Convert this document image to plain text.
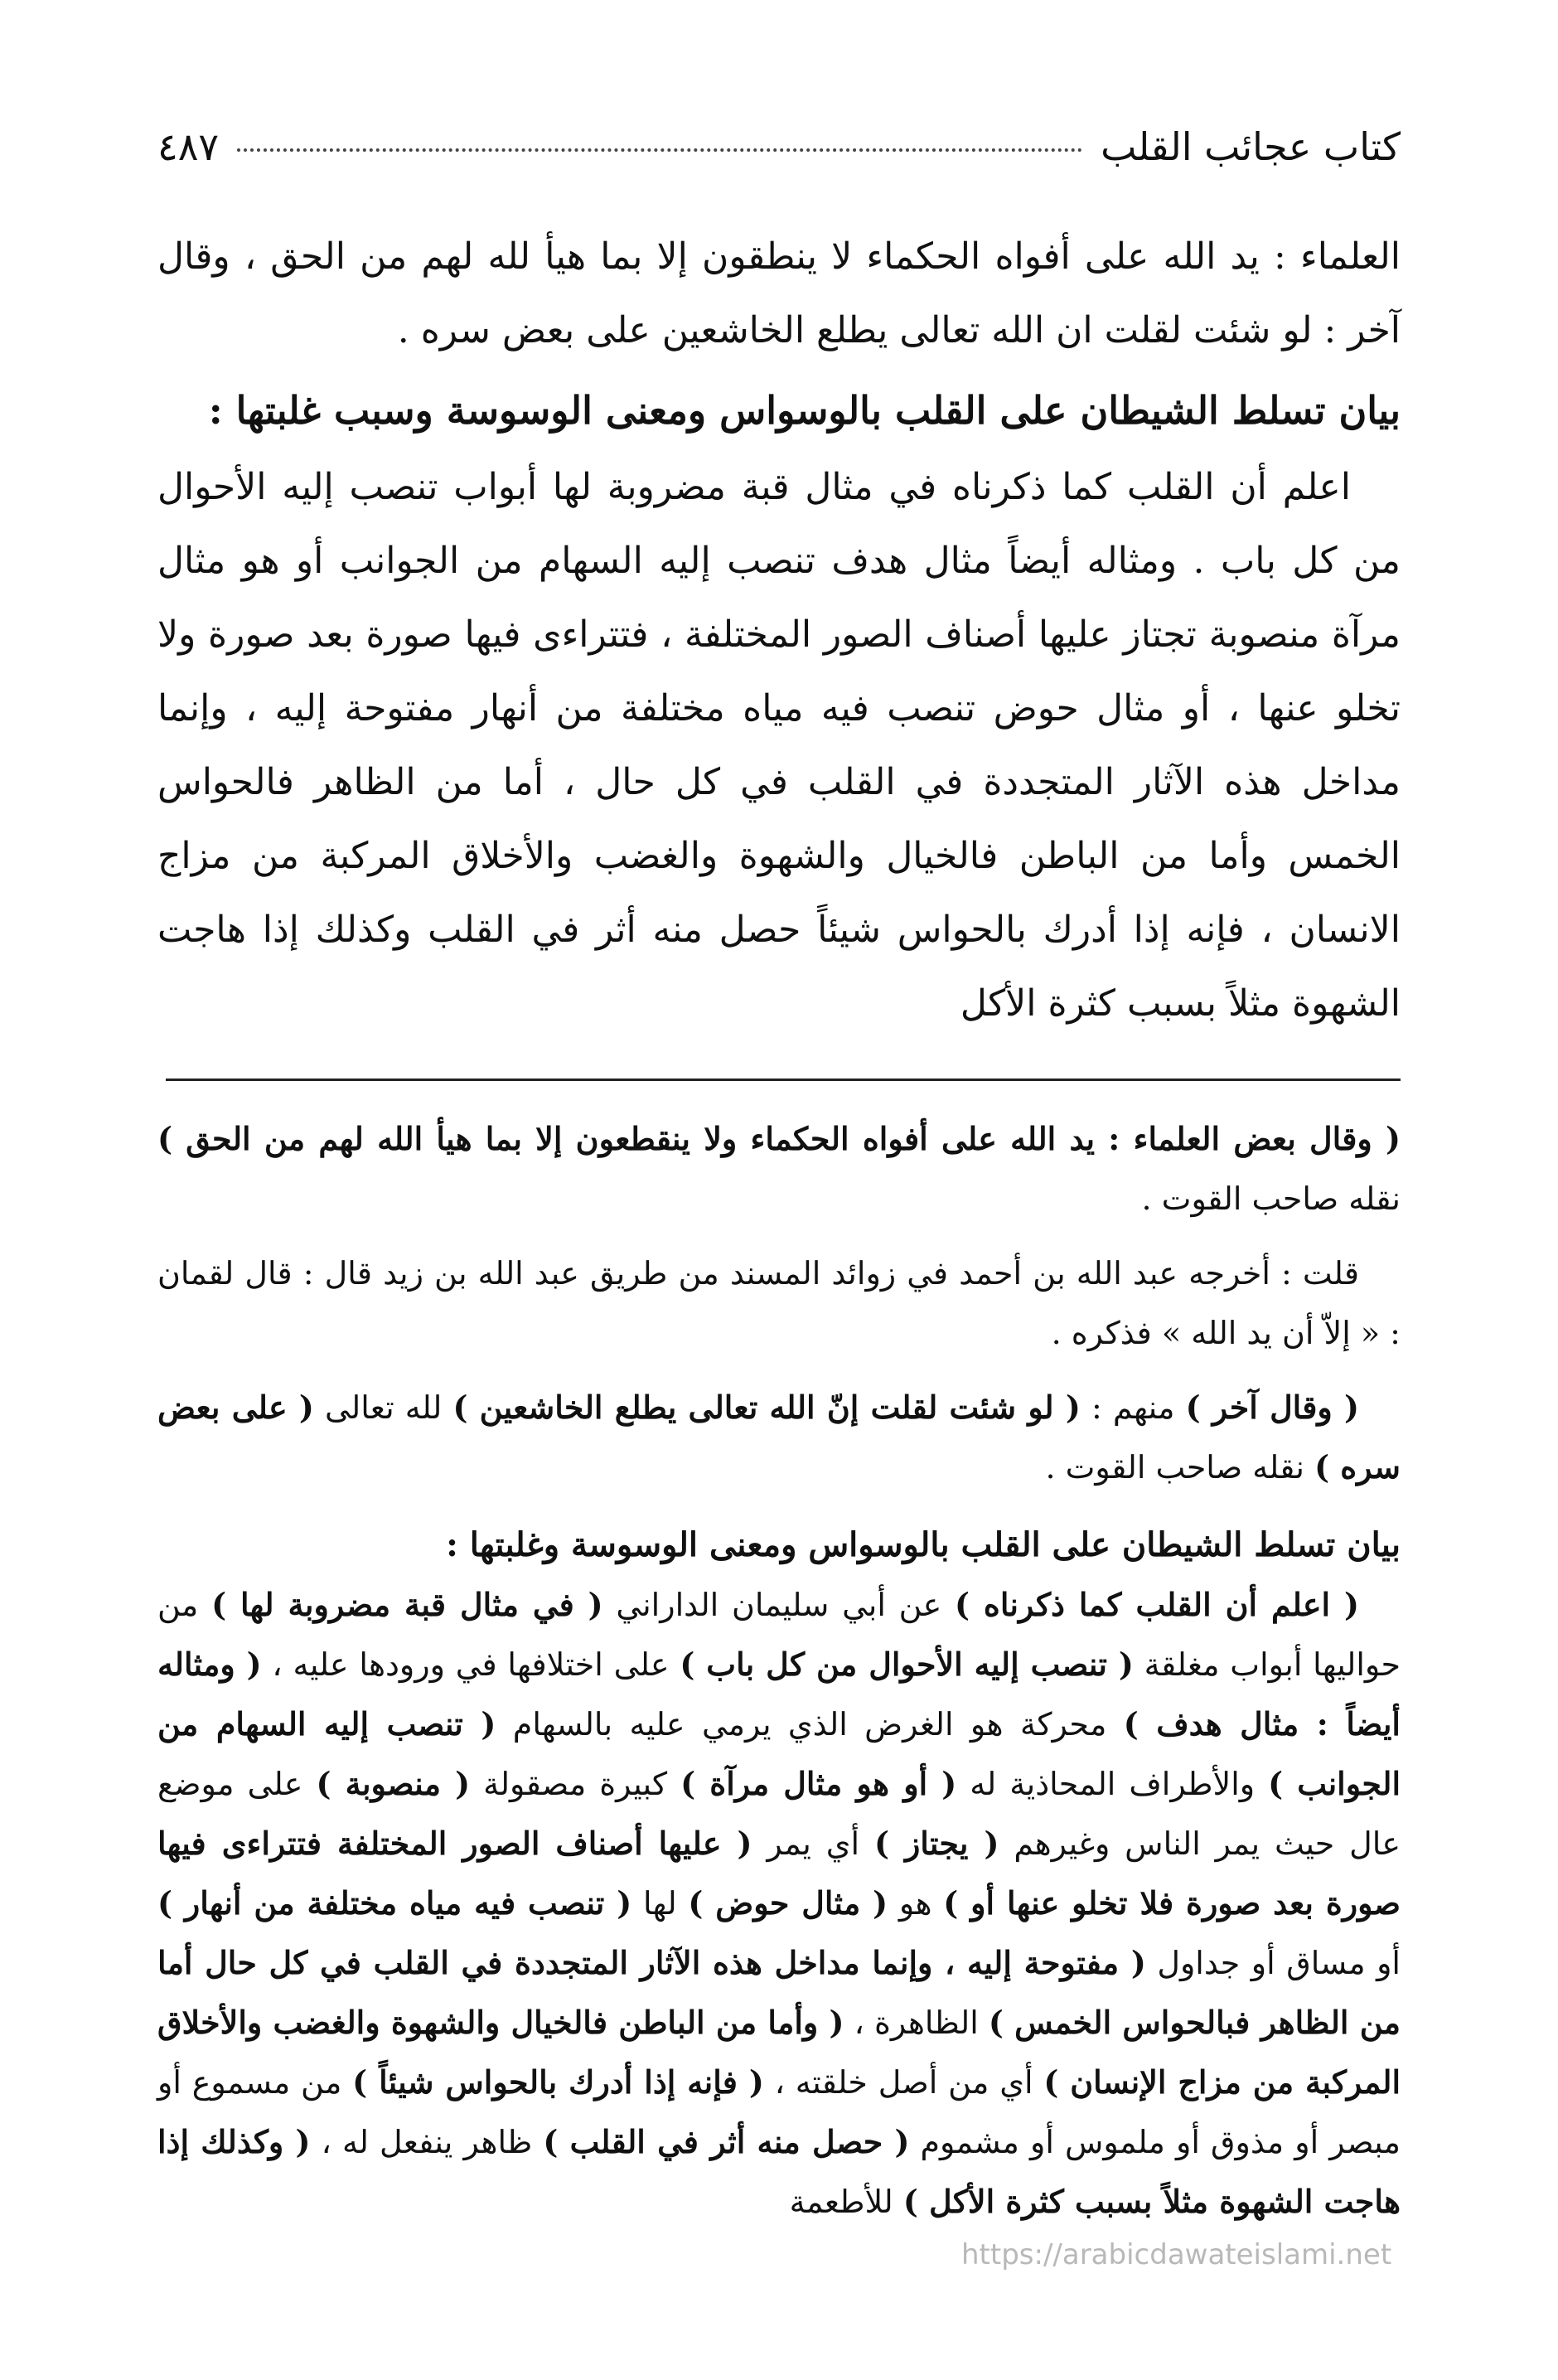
كتاب عجائب القلب
٤٨٧

العلماء : يد الله على أفواه الحكماء لا ينطقون إلا بما هيأ لله لهم من الحق ، وقال آخر : لو شئت لقلت ان الله تعالى يطلع الخاشعين على بعض سره .

بيان تسلط الشيطان على القلب بالوسواس ومعنى الوسوسة وسبب غلبتها :

اعلم أن القلب كما ذكرناه في مثال قبة مضروبة لها أبواب تنصب إليه الأحوال من كل باب . ومثاله أيضاً مثال هدف تنصب إليه السهام من الجوانب أو هو مثال مرآة منصوبة تجتاز عليها أصناف الصور المختلفة ، فتتراءى فيها صورة بعد صورة ولا تخلو عنها ، أو مثال حوض تنصب فيه مياه مختلفة من أنهار مفتوحة إليه ، وإنما مداخل هذه الآثار المتجددة في القلب في كل حال ، أما من الظاهر فالحواس الخمس وأما من الباطن فالخيال والشهوة والغضب والأخلاق المركبة من مزاج الانسان ، فإنه إذا أدرك بالحواس شيئاً حصل منه أثر في القلب وكذلك إذا هاجت الشهوة مثلاً بسبب كثرة الأكل

( وقال بعض العلماء : يد الله على أفواه الحكماء ولا ينقطعون إلا بما هيأ الله لهم من الحق ) نقله صاحب القوت .

قلت : أخرجه عبد الله بن أحمد في زوائد المسند من طريق عبد الله بن زيد قال : قال لقمان : « إلاّ أن يد الله » فذكره .

( وقال آخر ) منهم : ( لو شئت لقلت إنّ الله تعالى يطلع الخاشعين ) لله تعالى ( على بعض سره ) نقله صاحب القوت .

بيان تسلط الشيطان على القلب بالوسواس ومعنى الوسوسة وغلبتها :

( اعلم أن القلب كما ذكرناه ) عن أبي سليمان الداراني ( في مثال قبة مضروبة لها ) من حواليها أبواب مغلقة ( تنصب إليه الأحوال من كل باب ) على اختلافها في ورودها عليه ، ( ومثاله أيضاً : مثال هدف ) محركة هو الغرض الذي يرمي عليه بالسهام ( تنصب إليه السهام من الجوانب ) والأطراف المحاذية له ( أو هو مثال مرآة ) كبيرة مصقولة ( منصوبة ) على موضع عال حيث يمر الناس وغيرهم ( يجتاز ) أي يمر ( عليها أصناف الصور المختلفة فتتراءى فيها صورة بعد صورة فلا تخلو عنها أو ) هو ( مثال حوض ) لها ( تنصب فيه مياه مختلفة من أنهار ) أو مساق أو جداول ( مفتوحة إليه ، وإنما مداخل هذه الآثار المتجددة في القلب في كل حال أما من الظاهر فبالحواس الخمس ) الظاهرة ، ( وأما من الباطن فالخيال والشهوة والغضب والأخلاق المركبة من مزاج الإنسان ) أي من أصل خلقته ، ( فإنه إذا أدرك بالحواس شيئاً ) من مسموع أو مبصر أو مذوق أو ملموس أو مشموم ( حصل منه أثر في القلب ) ظاهر ينفعل له ، ( وكذلك إذا هاجت الشهوة مثلاً بسبب كثرة الأكل ) للأطعمة

https://arabicdawateislami.net
